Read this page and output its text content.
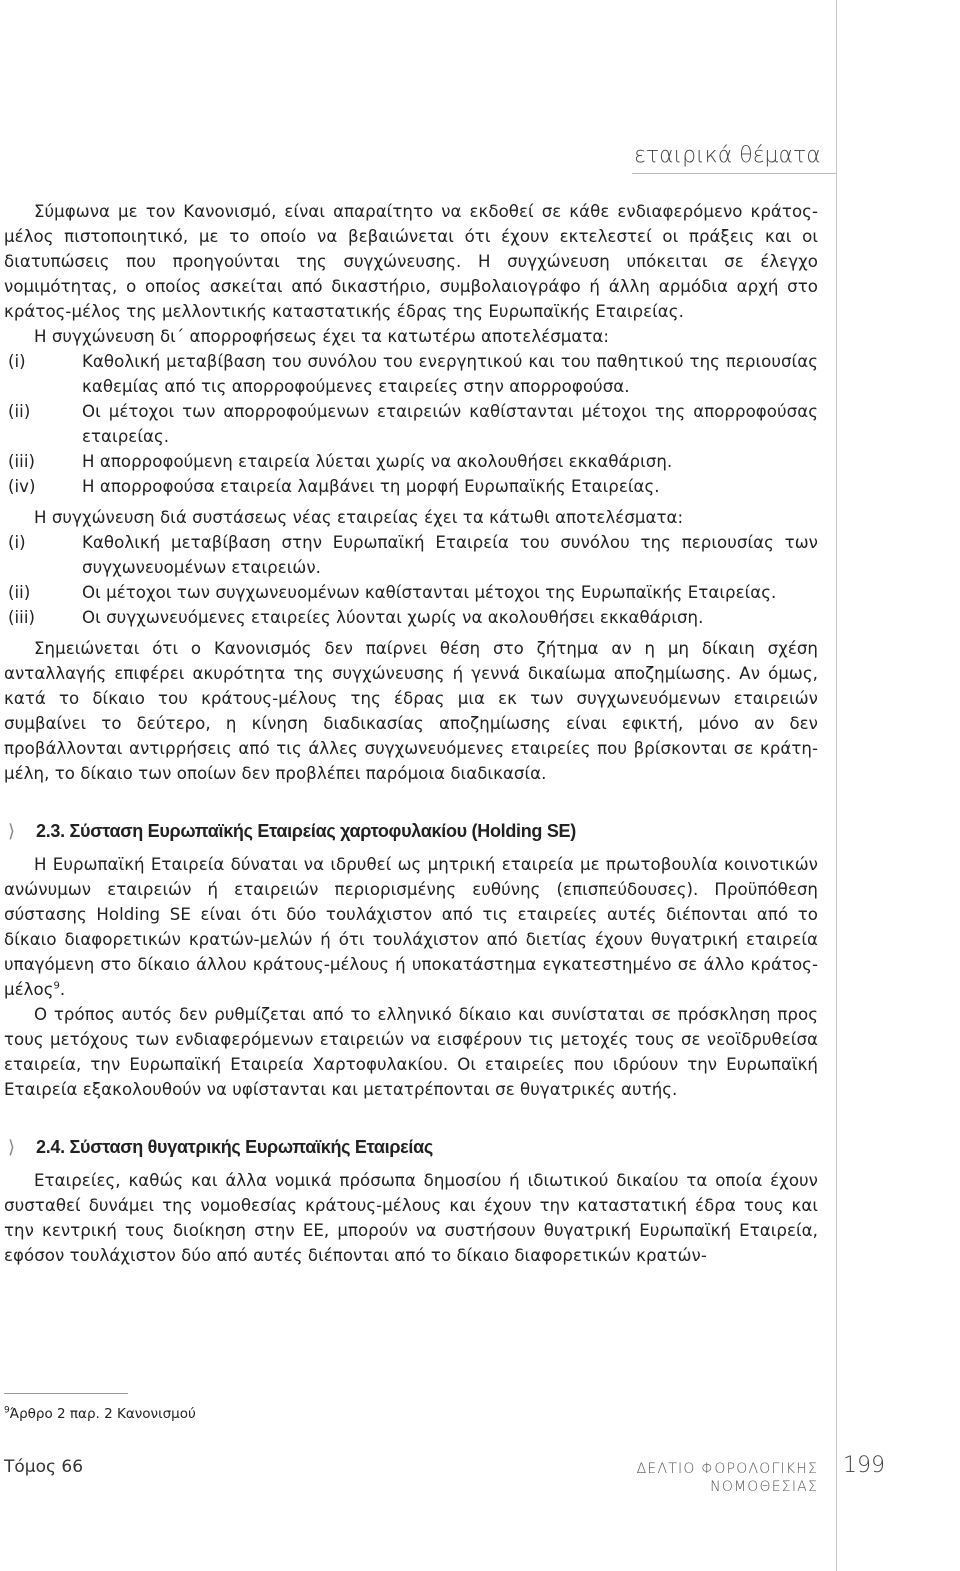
εταιρικά θέματα

Σύμφωνα με τον Κανονισμό, είναι απαραίτητο να εκδοθεί σε κάθε ενδιαφερόμενο κράτος-μέλος πιστοποιητικό, με το οποίο να βεβαιώνεται ότι έχουν εκτελεστεί οι πράξεις και οι διατυπώσεις που προηγούνται της συγχώνευσης. Η συγχώνευση υπόκειται σε έλεγχο νομιμότητας, ο οποίος ασκείται από δικαστήριο, συμβολαιογράφο ή άλλη αρμόδια αρχή στο κράτος-μέλος της μελλοντικής καταστατικής έδρας της Ευρωπαϊκής Εταιρείας.

Η συγχώνευση δι΄ απορροφήσεως έχει τα κατωτέρω αποτελέσματα:

(i)	Καθολική μεταβίβαση του συνόλου του ενεργητικού και του παθητικού της περιουσίας καθεμίας από τις απορροφούμενες εταιρείες στην απορροφούσα.
(ii)	Οι μέτοχοι των απορροφούμενων εταιρειών καθίστανται μέτοχοι της απορροφούσας εταιρείας.
(iii)	Η απορροφούμενη εταιρεία λύεται χωρίς να ακολουθήσει εκκαθάριση.
(iv)	Η απορροφούσα εταιρεία λαμβάνει τη μορφή Ευρωπαϊκής Εταιρείας.

Η συγχώνευση διά συστάσεως νέας εταιρείας έχει τα κάτωθι αποτελέσματα:

(i)	Καθολική μεταβίβαση στην Ευρωπαϊκή Εταιρεία του συνόλου της περιουσίας των συγχωνευομένων εταιρειών.
(ii)	Οι μέτοχοι των συγχωνευομένων καθίστανται μέτοχοι της Ευρωπαϊκής Εταιρείας.
(iii)	Οι συγχωνευόμενες εταιρείες λύονται χωρίς να ακολουθήσει εκκαθάριση.

Σημειώνεται ότι ο Κανονισμός δεν παίρνει θέση στο ζήτημα αν η μη δίκαιη σχέση ανταλλαγής επιφέρει ακυρότητα της συγχώνευσης ή γεννά δικαίωμα αποζημίωσης. Αν όμως, κατά το δίκαιο του κράτους-μέλους της έδρας μια εκ των συγχωνευόμενων εταιρειών συμβαίνει το δεύτερο, η κίνηση διαδικασίας αποζημίωσης είναι εφικτή, μόνο αν δεν προβάλλονται αντιρρήσεις από τις άλλες συγχωνευόμενες εταιρείες που βρίσκονται σε κράτη-μέλη, το δίκαιο των οποίων δεν προβλέπει παρόμοια διαδικασία.

⟩ 2.3. Σύσταση Ευρωπαϊκής Εταιρείας χαρτοφυλακίου (Holding SE)

Η Ευρωπαϊκή Εταιρεία δύναται να ιδρυθεί ως μητρική εταιρεία με πρωτοβουλία κοινοτικών ανώνυμων εταιρειών ή εταιρειών περιορισμένης ευθύνης (επισπεύδουσες). Προϋπόθεση σύστασης Holding SE είναι ότι δύο τουλάχιστον από τις εταιρείες αυτές διέπονται από το δίκαιο διαφορετικών κρατών-μελών ή ότι τουλάχιστον από διετίας έχουν θυγατρική εταιρεία υπαγόμενη στο δίκαιο άλλου κράτους-μέλους ή υποκατάστημα εγκατεστημένο σε άλλο κράτος-μέλος$^9$.

Ο τρόπος αυτός δεν ρυθμίζεται από το ελληνικό δίκαιο και συνίσταται σε πρόσκληση προς τους μετόχους των ενδιαφερόμενων εταιρειών να εισφέρουν τις μετοχές τους σε νεοϊδρυθείσα εταιρεία, την Ευρωπαϊκή Εταιρεία Χαρτοφυλακίου. Οι εταιρείες που ιδρύουν την Ευρωπαϊκή Εταιρεία εξακολουθούν να υφίστανται και μετατρέπονται σε θυγατρικές αυτής.

⟩ 2.4. Σύσταση θυγατρικής Ευρωπαϊκής Εταιρείας

Εταιρείες, καθώς και άλλα νομικά πρόσωπα δημοσίου ή ιδιωτικού δικαίου τα οποία έχουν συσταθεί δυνάμει της νομοθεσίας κράτους-μέλους και έχουν την καταστατική έδρα τους και την κεντρική τους διοίκηση στην ΕΕ, μπορούν να συστήσουν θυγατρική Ευρωπαϊκή Εταιρεία, εφόσον τουλάχιστον δύο από αυτές διέπονται από το δίκαιο διαφορετικών κρατών-

$^9$Άρθρο 2 παρ. 2 Κανονισμού
Τόμος 66	ΔΕΛΤΙΟ ΦΟΡΟΛΟΓΙΚΗΣ ΝΟΜΟΘΕΣΙΑΣ
199
